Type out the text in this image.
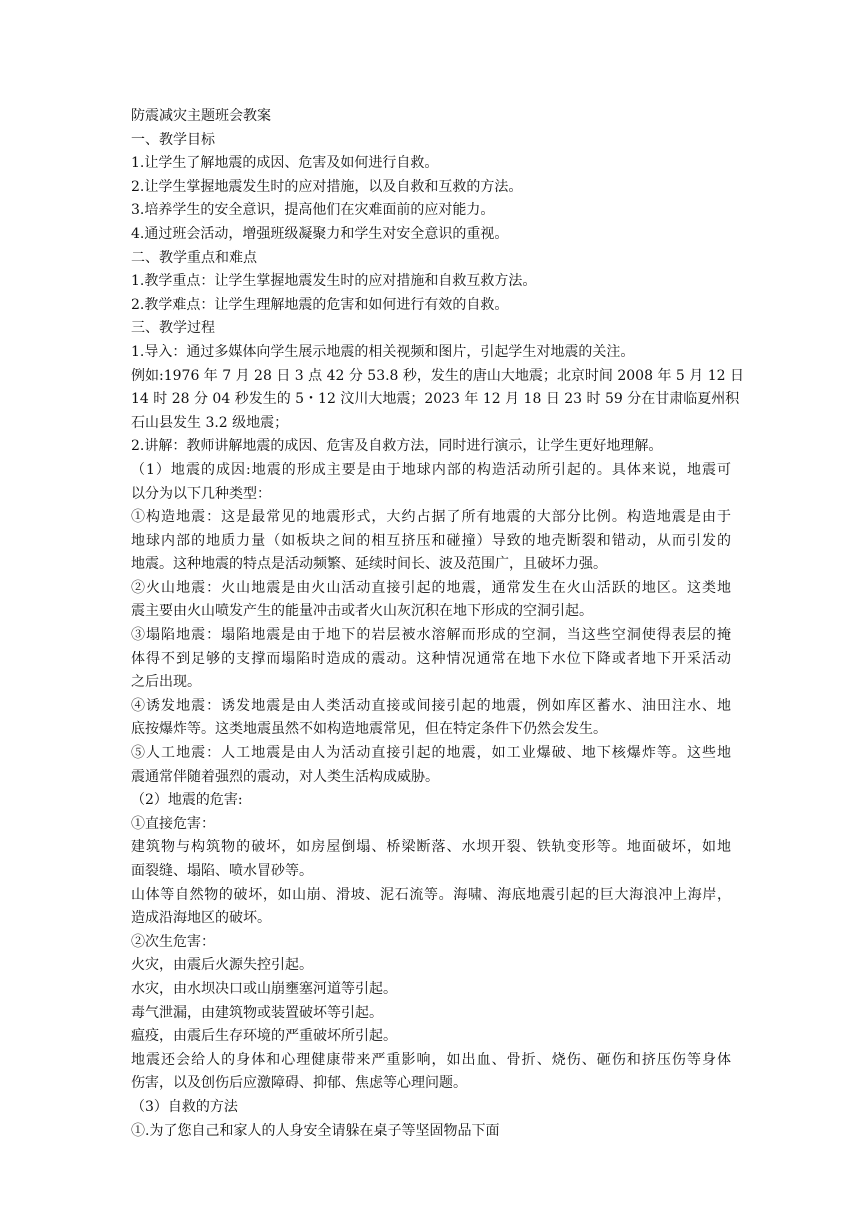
防震减灾主题班会教案
一、教学目标
1.让学生了解地震的成因、危害及如何进行自救。
2.让学生掌握地震发生时的应对措施，以及自救和互救的方法。
3.培养学生的安全意识，提高他们在灾难面前的应对能力。
4.通过班会活动，增强班级凝聚力和学生对安全意识的重视。
二、教学重点和难点
1.教学重点：让学生掌握地震发生时的应对措施和自救互救方法。
2.教学难点：让学生理解地震的危害和如何进行有效的自救。
三、教学过程
1.导入：通过多媒体向学生展示地震的相关视频和图片，引起学生对地震的关注。
例如:1976 年 7 月 28 日 3 点 42 分 53.8 秒，发生的唐山大地震；北京时间 2008 年 5 月 12 日
14 时 28 分 04 秒发生的 5・12 汶川大地震；2023 年 12 月 18 日 23 时 59 分在甘肃临夏州积
石山县发生 3.2 级地震；
2.讲解：教师讲解地震的成因、危害及自救方法，同时进行演示，让学生更好地理解。
（1）地震的成因:地震的形成主要是由于地球内部的构造活动所引起的。具体来说，地震可
以分为以下几种类型：
①构造地震：这是最常见的地震形式，大约占据了所有地震的大部分比例。构造地震是由于
地球内部的地质力量（如板块之间的相互挤压和碰撞）导致的地壳断裂和错动，从而引发的
地震。这种地震的特点是活动频繁、延续时间长、波及范围广，且破坏力强。
②火山地震：火山地震是由火山活动直接引起的地震，通常发生在火山活跃的地区。这类地
震主要由火山喷发产生的能量冲击或者火山灰沉积在地下形成的空洞引起。
③塌陷地震：塌陷地震是由于地下的岩层被水溶解而形成的空洞，当这些空洞使得表层的掩
体得不到足够的支撑而塌陷时造成的震动。这种情况通常在地下水位下降或者地下开采活动
之后出现。
④诱发地震：诱发地震是由人类活动直接或间接引起的地震，例如库区蓄水、油田注水、地
底按爆炸等。这类地震虽然不如构造地震常见，但在特定条件下仍然会发生。
⑤人工地震：人工地震是由人为活动直接引起的地震，如工业爆破、地下核爆炸等。这些地
震通常伴随着强烈的震动，对人类生活构成威胁。
（2）地震的危害:
①直接危害：
建筑物与构筑物的破坏，如房屋倒塌、桥梁断落、水坝开裂、铁轨变形等。地面破坏，如地
面裂缝、塌陷、喷水冒砂等。
山体等自然物的破坏，如山崩、滑坡、泥石流等。海啸、海底地震引起的巨大海浪冲上海岸，
造成沿海地区的破坏。
②次生危害：
火灾，由震后火源失控引起。
水灾，由水坝决口或山崩壅塞河道等引起。
毒气泄漏，由建筑物或装置破坏等引起。
瘟疫，由震后生存环境的严重破坏所引起。
地震还会给人的身体和心理健康带来严重影响，如出血、骨折、烧伤、砸伤和挤压伤等身体
伤害，以及创伤后应激障碍、抑郁、焦虑等心理问题。
（3）自救的方法
①.为了您自己和家人的人身安全请躲在桌子等坚固物品下面
